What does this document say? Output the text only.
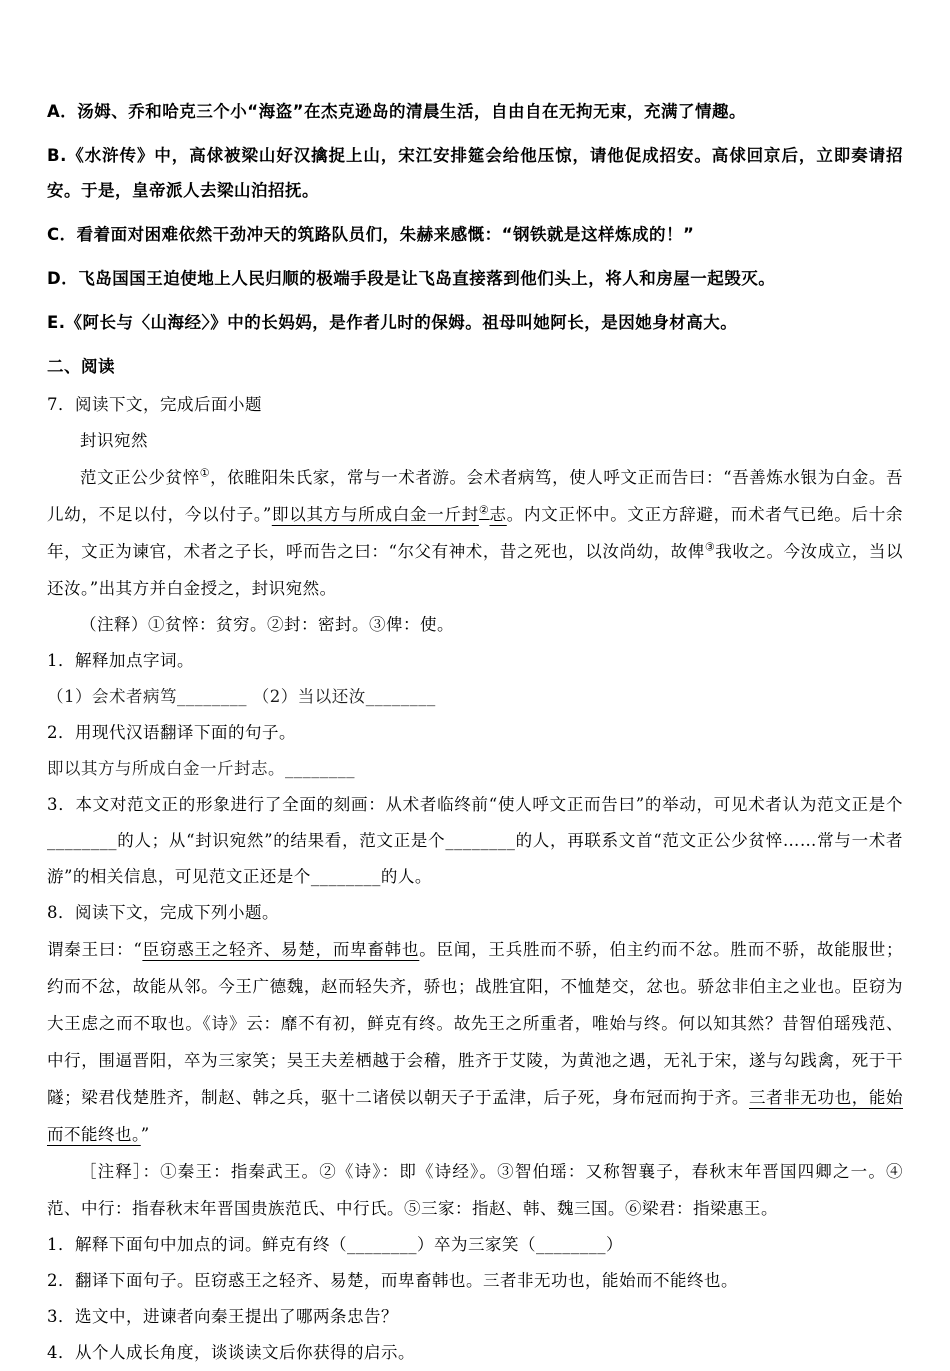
A．汤姆、乔和哈克三个小“海盗”在杰克逊岛的清晨生活，自由自在无拘无束，充满了情趣。

B.《水浒传》中，高俅被梁山好汉擒捉上山，宋江安排筵会给他压惊，请他促成招安。高俅回京后，立即奏请招安。于是，皇帝派人去梁山泊招抚。

C．看着面对困难依然干劲冲天的筑路队员们，朱赫来感慨：“钢铁就是这样炼成的！”

D．飞岛国国王迫使地上人民归顺的极端手段是让飞岛直接落到他们头上，将人和房屋一起毁灭。

E.《阿长与〈山海经〉》中的长妈妈，是作者儿时的保姆。祖母叫她阿长，是因她身材高大。

二、阅读

7．阅读下文，完成后面小题

封识宛然

范文正公少贫悴①，依睢阳朱氏家，常与一术者游。会术者病笃，使人呼文正而告曰：“吾善炼水银为白金。吾儿幼，不足以付，今以付子。”即以其方与所成白金一斤封②志。内文正怀中。文正方辞避，而术者气已绝。后十余年，文正为谏官，术者之子长，呼而告之曰：“尔父有神术，昔之死也，以汝尚幼，故俾③我收之。今汝成立，当以还汝。”出其方并白金授之，封识宛然。

（注释）①贫悴：贫穷。②封：密封。③俾：使。

1．解释加点字词。

（1）会术者病笃________ （2）当以还汝________

2．用现代汉语翻译下面的句子。

即以其方与所成白金一斤封志。________

3．本文对范文正的形象进行了全面的刻画：从术者临终前“使人呼文正而告曰”的举动，可见术者认为范文正是个________的人；从“封识宛然”的结果看，范文正是个________的人，再联系文首“范文正公少贫悴……常与一术者游”的相关信息，可见范文正还是个________的人。

8．阅读下文，完成下列小题。

谓秦王曰：“臣窃惑王之轻齐、易楚，而卑畜韩也。臣闻，王兵胜而不骄，伯主约而不忿。胜而不骄，故能服世；约而不忿，故能从邻。今王广德魏，赵而轻失齐，骄也；战胜宜阳，不恤楚交，忿也。骄忿非伯主之业也。臣窃为大王虑之而不取也。《诗》云：靡不有初，鲜克有终。故先王之所重者，唯始与终。何以知其然？昔智伯瑶残范、中行，围逼晋阳，卒为三家笑；吴王夫差栖越于会稽，胜齐于艾陵，为黄池之遇，无礼于宋，遂与勾践禽，死于干隧；梁君伐楚胜齐，制赵、韩之兵，驱十二诸侯以朝天子于孟津，后子死，身布冠而拘于齐。三者非无功也，能始而不能终也。”

［注释］：①秦王：指秦武王。②《诗》：即《诗经》。③智伯瑶：又称智襄子，春秋末年晋国四卿之一。④范、中行：指春秋末年晋国贵族范氏、中行氏。⑤三家：指赵、韩、魏三国。⑥梁君：指梁惠王。

1．解释下面句中加点的词。鲜克有终（________）卒为三家笑（________）

2．翻译下面句子。臣窃惑王之轻齐、易楚，而卑畜韩也。三者非无功也，能始而不能终也。

3．选文中，进谏者向秦王提出了哪两条忠告？

4．从个人成长角度，谈谈读文后你获得的启示。
